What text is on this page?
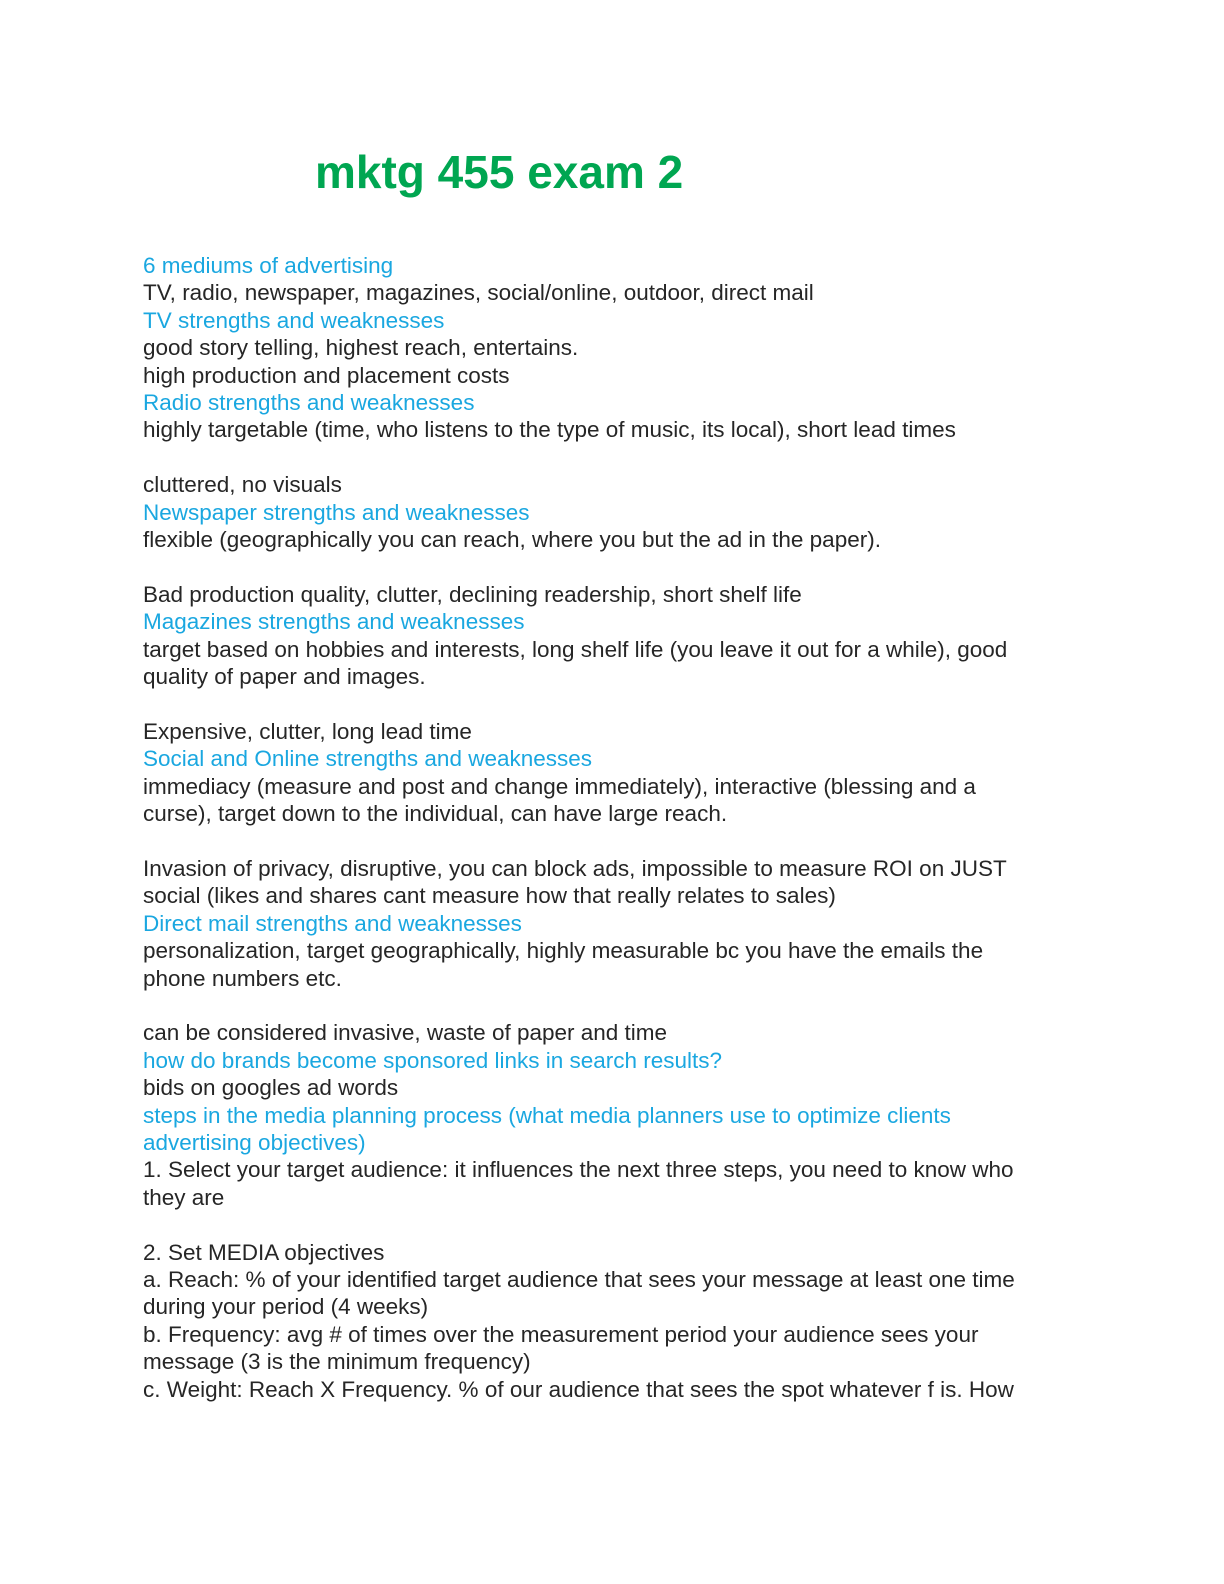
mktg 455 exam 2
6 mediums of advertising
TV, radio, newspaper, magazines, social/online, outdoor, direct mail
TV strengths and weaknesses
good story telling, highest reach, entertains.
high production and placement costs
Radio strengths and weaknesses
highly targetable (time, who listens to the type of music, its local), short lead times
cluttered, no visuals
Newspaper strengths and weaknesses
flexible (geographically you can reach, where you but the ad in the paper).
Bad production quality, clutter, declining readership, short shelf life
Magazines strengths and weaknesses
target based on hobbies and interests, long shelf life (you leave it out for a while), good
quality of paper and images.
Expensive, clutter, long lead time
Social and Online strengths and weaknesses
immediacy (measure and post and change immediately), interactive (blessing and a
curse), target down to the individual, can have large reach.
Invasion of privacy, disruptive, you can block ads, impossible to measure ROI on JUST
social (likes and shares cant measure how that really relates to sales)
Direct mail strengths and weaknesses
personalization, target geographically, highly measurable bc you have the emails the
phone numbers etc.
can be considered invasive, waste of paper and time
how do brands become sponsored links in search results?
bids on googles ad words
steps in the media planning process (what media planners use to optimize clients
advertising objectives)
1. Select your target audience: it influences the next three steps, you need to know who
they are
2. Set MEDIA objectives
a. Reach: % of your identified target audience that sees your message at least one time
during your period (4 weeks)
b. Frequency: avg # of times over the measurement period your audience sees your
message (3 is the minimum frequency)
c. Weight: Reach X Frequency. % of our audience that sees the spot whatever f is. How
